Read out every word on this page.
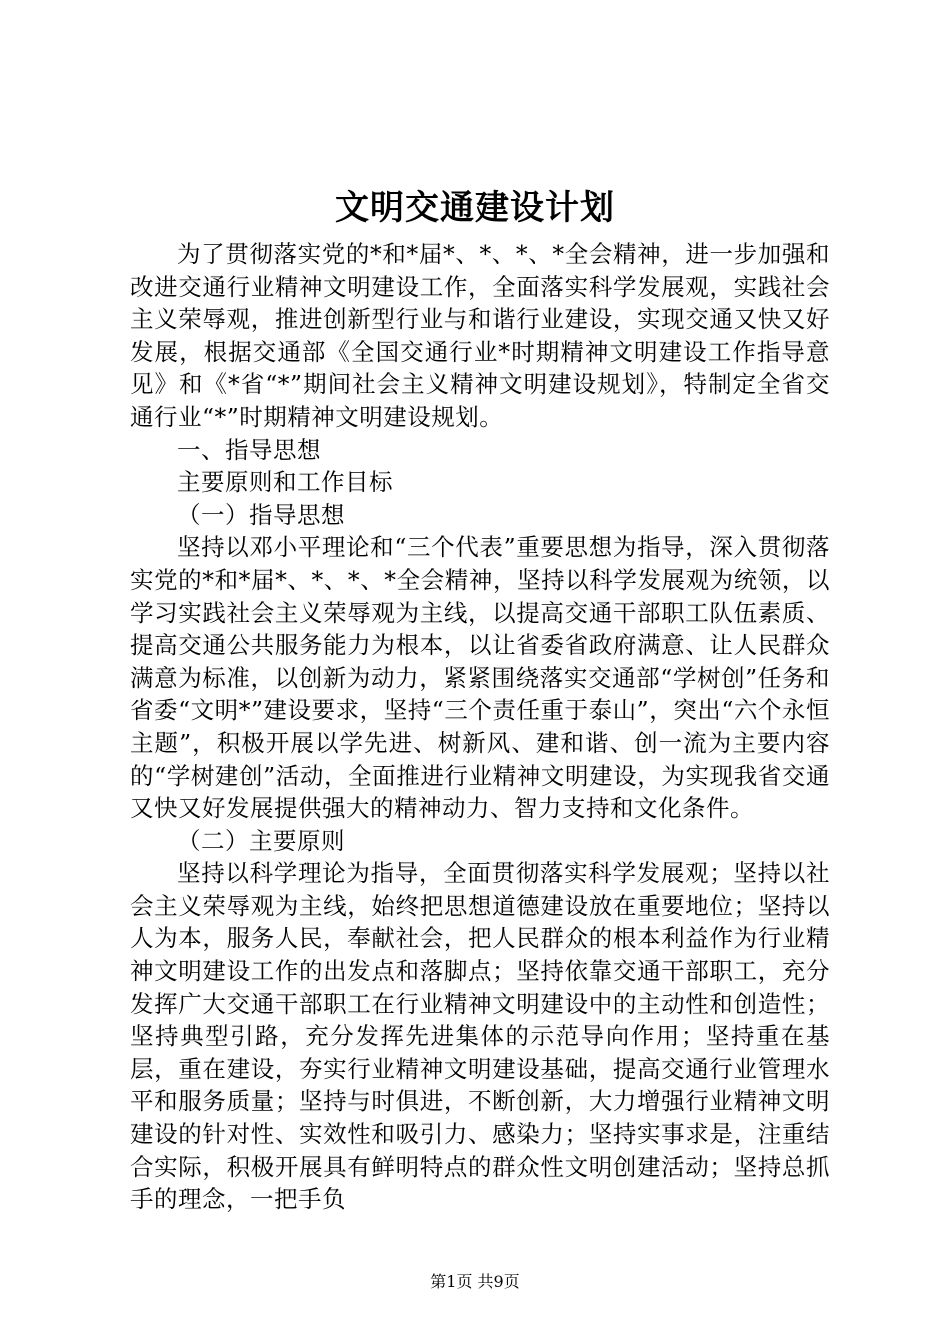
文明交通建设计划

为了贯彻落实党的*和*届*、*、*、*全会精神，进一步加强和改进交通行业精神文明建设工作，全面落实科学发展观，实践社会主义荣辱观，推进创新型行业与和谐行业建设，实现交通又快又好发展，根据交通部《全国交通行业*时期精神文明建设工作指导意见》和《*省“*”期间社会主义精神文明建设规划》，特制定全省交通行业“*”时期精神文明建设规划。

一、指导思想

主要原则和工作目标

（一）指导思想

坚持以邓小平理论和“三个代表”重要思想为指导，深入贯彻落实党的*和*届*、*、*、*全会精神，坚持以科学发展观为统领，以学习实践社会主义荣辱观为主线，以提高交通干部职工队伍素质、提高交通公共服务能力为根本，以让省委省政府满意、让人民群众满意为标准，以创新为动力，紧紧围绕落实交通部“学树创”任务和省委“文明*”建设要求，坚持“三个责任重于泰山”，突出“六个永恒主题”，积极开展以学先进、树新风、建和谐、创一流为主要内容的“学树建创”活动，全面推进行业精神文明建设，为实现我省交通又快又好发展提供强大的精神动力、智力支持和文化条件。

（二）主要原则

坚持以科学理论为指导，全面贯彻落实科学发展观；坚持以社会主义荣辱观为主线，始终把思想道德建设放在重要地位；坚持以人为本，服务人民，奉献社会，把人民群众的根本利益作为行业精神文明建设工作的出发点和落脚点；坚持依靠交通干部职工，充分发挥广大交通干部职工在行业精神文明建设中的主动性和创造性；坚持典型引路，充分发挥先进集体的示范导向作用；坚持重在基层，重在建设，夯实行业精神文明建设基础，提高交通行业管理水平和服务质量；坚持与时俱进，不断创新，大力增强行业精神文明建设的针对性、实效性和吸引力、感染力；坚持实事求是，注重结合实际，积极开展具有鲜明特点的群众性文明创建活动；坚持总抓手的理念，一把手负

第1页 共9页
